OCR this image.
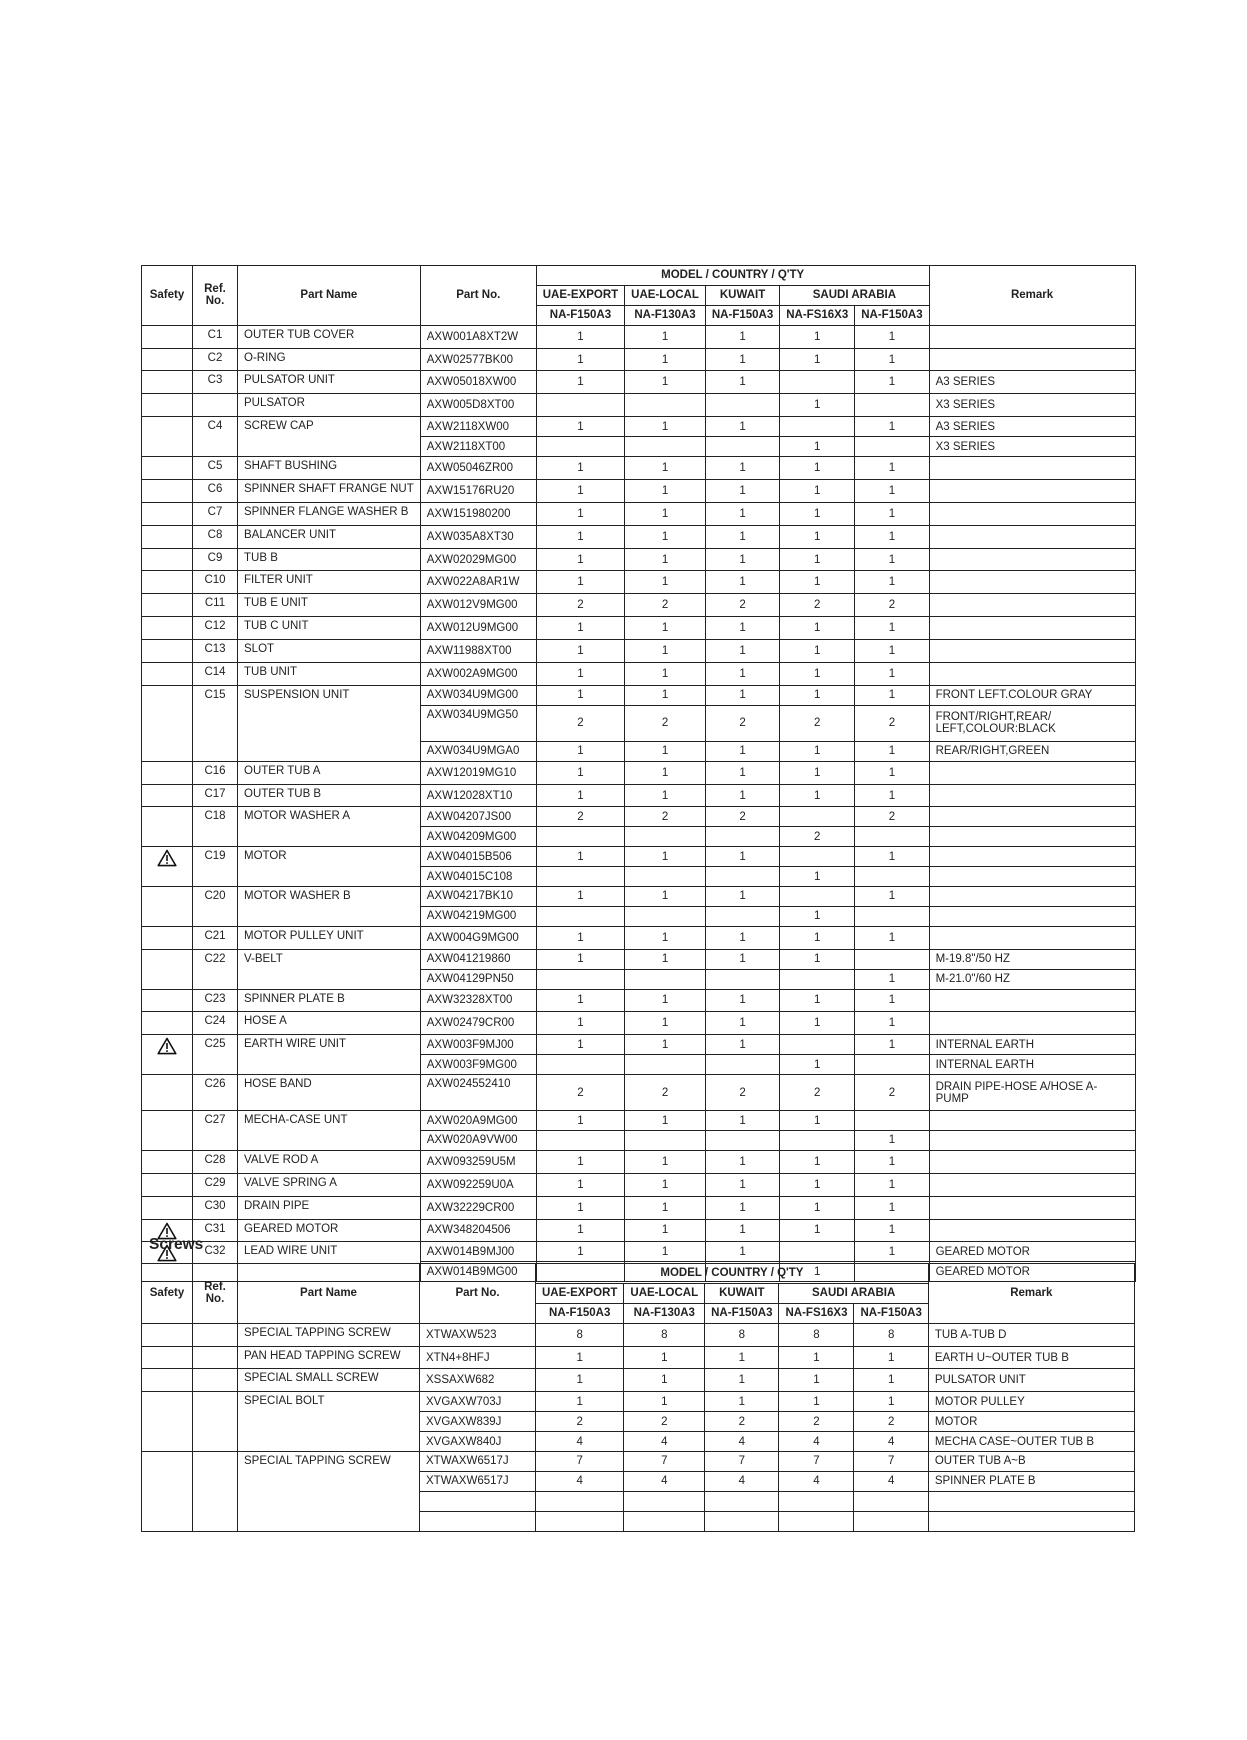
Safety	Ref. No.	Part Name	Part No.	MODEL / COUNTRY / Q'TY					Remark
				UAE-EXPORT	UAE-LOCAL	KUWAIT	SAUDI ARABIA		
				NA-F150A3	NA-F130A3	NA-F150A3	NA-FS16X3	NA-F150A3	
	C1	OUTER TUB COVER	AXW001A8XT2W	1	1	1	1	1	
	C2	O-RING	AXW02577BK00	1	1	1	1	1	
	C3	PULSATOR UNIT	AXW05018XW00	1	1	1		1	A3 SERIES
		PULSATOR	AXW005D8XT00				1		X3 SERIES
	C4	SCREW CAP	AXW2118XW00	1	1	1		1	A3 SERIES
			AXW2118XT00				1		X3 SERIES
	C5	SHAFT BUSHING	AXW05046ZR00	1	1	1	1	1	
	C6	SPINNER SHAFT FRANGE NUT	AXW15176RU20	1	1	1	1	1	
	C7	SPINNER FLANGE WASHER B	AXW151980200	1	1	1	1	1	
	C8	BALANCER UNIT	AXW035A8XT30	1	1	1	1	1	
	C9	TUB B	AXW02029MG00	1	1	1	1	1	
	C10	FILTER UNIT	AXW022A8AR1W	1	1	1	1	1	
	C11	TUB E UNIT	AXW012V9MG00	2	2	2	2	2	
	C12	TUB C UNIT	AXW012U9MG00	1	1	1	1	1	
	C13	SLOT	AXW11988XT00	1	1	1	1	1	
	C14	TUB UNIT	AXW002A9MG00	1	1	1	1	1	
	C15	SUSPENSION UNIT	AXW034U9MG00	1	1	1	1	1	FRONT LEFT.COLOUR GRAY
			AXW034U9MG50	2	2	2	2	2	FRONT/RIGHT,REAR/ LEFT,COLOUR:BLACK
			AXW034U9MGA0	1	1	1	1	1	REAR/RIGHT,GREEN
	C16	OUTER TUB A	AXW12019MG10	1	1	1	1	1	
	C17	OUTER TUB B	AXW12028XT10	1	1	1	1	1	
	C18	MOTOR WASHER A	AXW04207JS00	2	2	2		2	
			AXW04209MG00				2		
	C19	MOTOR	AXW04015B506	1	1	1		1	
			AXW04015C108				1		
	C20	MOTOR WASHER B	AXW04217BK10	1	1	1		1	
			AXW04219MG00				1		
	C21	MOTOR PULLEY UNIT	AXW004G9MG00	1	1	1	1	1	
	C22	V-BELT	AXW041219860	1	1	1	1		M-19.8"/50 HZ
			AXW04129PN50					1	M-21.0"/60 HZ
	C23	SPINNER PLATE B	AXW32328XT00	1	1	1	1	1	
	C24	HOSE A	AXW02479CR00	1	1	1	1	1	
	C25	EARTH WIRE UNIT	AXW003F9MJ00	1	1	1		1	INTERNAL EARTH
			AXW003F9MG00				1		INTERNAL EARTH
	C26	HOSE BAND	AXW024552410	2	2	2	2	2	DRAIN PIPE-HOSE A/HOSE A-PUMP
	C27	MECHA-CASE UNT	AXW020A9MG00	1	1	1	1		
			AXW020A9VW00					1	
	C28	VALVE ROD A	AXW093259U5M	1	1	1	1	1	
	C29	VALVE SPRING A	AXW092259U0A	1	1	1	1	1	
	C30	DRAIN PIPE	AXW32229CR00	1	1	1	1	1	
	C31	GEARED MOTOR	AXW348204506	1	1	1	1	1	
	C32	LEAD WIRE UNIT	AXW014B9MJ00	1	1	1		1	GEARED MOTOR
			AXW014B9MG00				1		GEARED MOTOR
Screws
Safety	Ref. No.	Part Name	Part No.	MODEL / COUNTRY / Q'TY					Remark
				UAE-EXPORT	UAE-LOCAL	KUWAIT	SAUDI ARABIA		
				NA-F150A3	NA-F130A3	NA-F150A3	NA-FS16X3	NA-F150A3	
		SPECIAL TAPPING SCREW	XTWAXW523	8	8	8	8	8	TUB A-TUB D
		PAN HEAD TAPPING SCREW	XTN4+8HFJ	1	1	1	1	1	EARTH U~OUTER TUB B
		SPECIAL SMALL SCREW	XSSAXW682	1	1	1	1	1	PULSATOR UNIT
		SPECIAL BOLT	XVGAXW703J	1	1	1	1	1	MOTOR PULLEY
			XVGAXW839J	2	2	2	2	2	MOTOR
			XVGAXW840J	4	4	4	4	4	MECHA CASE~OUTER TUB B
		SPECIAL TAPPING SCREW	XTWAXW6517J	7	7	7	7	7	OUTER TUB A~B
			XTWAXW6517J	4	4	4	4	4	SPINNER PLATE B
